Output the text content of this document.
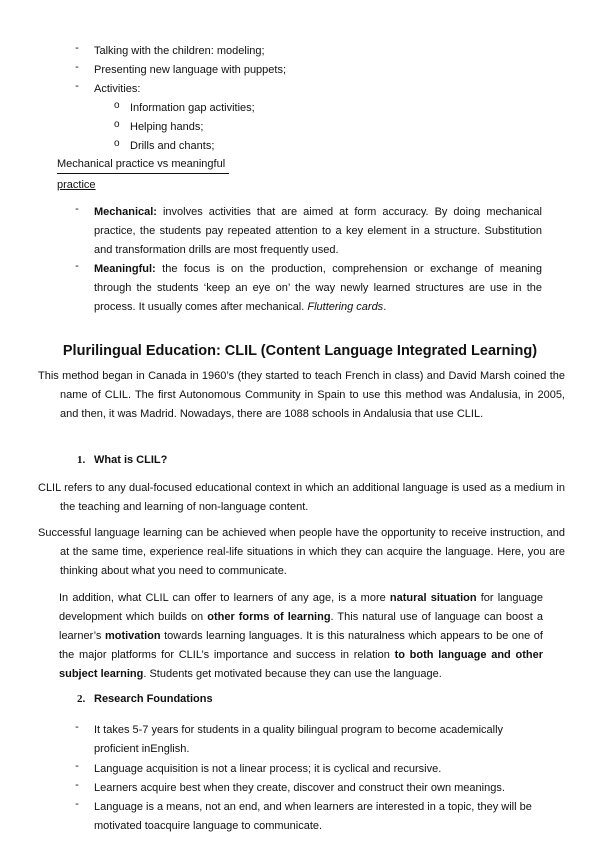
- Talking with the children: modeling;
- Presenting new language with puppets;
- Activities:
o Information gap activities;
o Helping hands;
o Drills and chants;
Mechanical practice vs meaningful
practice
- Mechanical: involves activities that are aimed at form accuracy. By doing mechanical practice, the students pay repeated attention to a key element in a structure. Substitution and transformation drills are most frequently used.
- Meaningful: the focus is on the production, comprehension or exchange of meaning through the students ‘keep an eye on’ the way newly learned structures are use in the process. It usually comes after mechanical. Fluttering cards.
Plurilingual Education: CLIL (Content Language Integrated Learning)
This method began in Canada in 1960’s (they started to teach French in class) and David Marsh coined the name of CLIL. The first Autonomous Community in Spain to use this method was Andalusia, in 2005, and then, it was Madrid. Nowadays, there are 1088 schools in Andalusia that use CLIL.
1. What is CLIL?
CLIL refers to any dual-focused educational context in which an additional language is used as a medium in the teaching and learning of non-language content.
Successful language learning can be achieved when people have the opportunity to receive instruction, and at the same time, experience real-life situations in which they can acquire the language. Here, you are thinking about what you need to communicate.
In addition, what CLIL can offer to learners of any age, is a more natural situation for language development which builds on other forms of learning. This natural use of language can boost a learner’s motivation towards learning languages. It is this naturalness which appears to be one of the major platforms for CLIL’s importance and success in relation to both language and other subject learning. Students get motivated because they can use the language.
2. Research Foundations
- It takes 5-7 years for students in a quality bilingual program to become academically proficient inEnglish.
- Language acquisition is not a linear process; it is cyclical and recursive.
- Learners acquire best when they create, discover and construct their own meanings.
- Language is a means, not an end, and when learners are interested in a topic, they will be motivated toacquire language to communicate.
